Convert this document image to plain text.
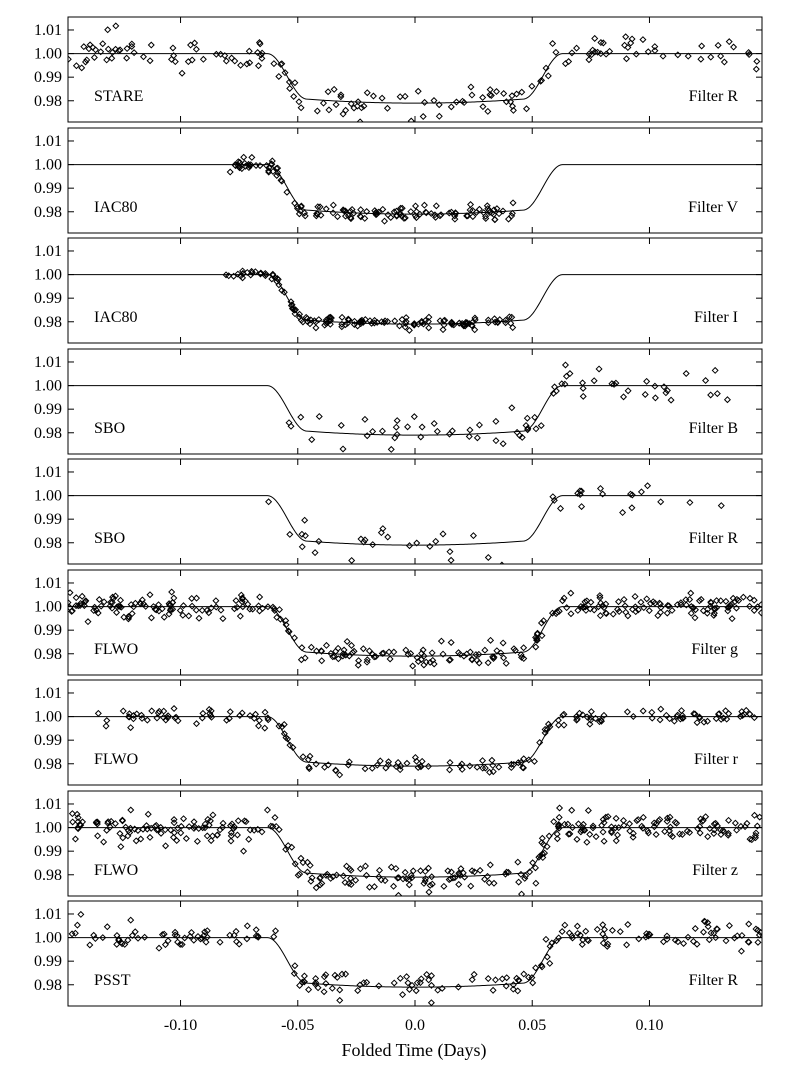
0.98
0.99
1.00
1.01
STARE	Filter R
0.98
0.99
1.00
1.01
IAC80	Filter V
0.98
0.99
1.00
1.01
IAC80	Filter I
0.98
0.99
1.00
1.01
SBO	Filter B
0.98
0.99
1.00
1.01
SBO	Filter R
0.98
0.99
1.00
1.01
FLWO	Filter g
0.98
0.99
1.00
1.01
FLWO	Filter r
0.98
0.99
1.00
1.01
FLWO	Filter z
0.98
0.99
1.00
1.01
PSST	Filter R
-0.10	-0.05	0.0	0.05	0.10
Folded Time (Days)
